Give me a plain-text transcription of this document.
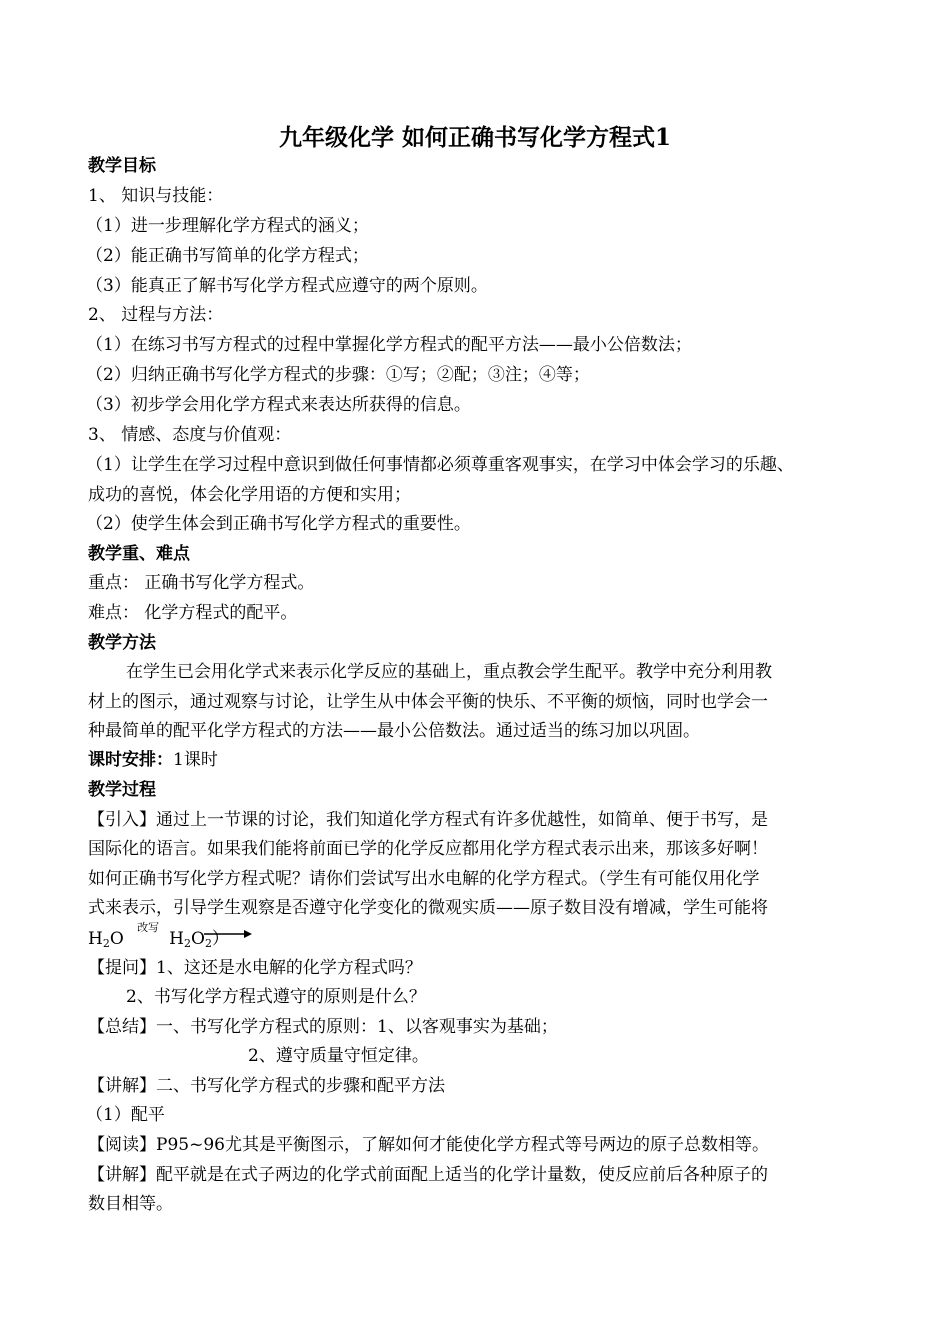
九年级化学 如何正确书写化学方程式1
教学目标
1、 知识与技能：
（1）进一步理解化学方程式的涵义；
（2）能正确书写简单的化学方程式；
（3）能真正了解书写化学方程式应遵守的两个原则。
2、 过程与方法：
（1）在练习书写方程式的过程中掌握化学方程式的配平方法——最小公倍数法；
（2）归纳正确书写化学方程式的步骤：①写；②配；③注；④等；
（3）初步学会用化学方程式来表达所获得的信息。
3、 情感、态度与价值观：
（1）让学生在学习过程中意识到做任何事情都必须尊重客观事实，在学习中体会学习的乐趣、
成功的喜悦，体会化学用语的方便和实用；
（2）使学生体会到正确书写化学方程式的重要性。
教学重、难点
重点： 正确书写化学方程式。
难点： 化学方程式的配平。
教学方法
在学生已会用化学式来表示化学反应的基础上，重点教会学生配平。教学中充分利用教
材上的图示，通过观察与讨论，让学生从中体会平衡的快乐、不平衡的烦恼，同时也学会一
种最简单的配平化学方程式的方法——最小公倍数法。通过适当的练习加以巩固。
课时安排：1课时
教学过程
【引入】通过上一节课的讨论，我们知道化学方程式有许多优越性，如简单、便于书写，是
国际化的语言。如果我们能将前面已学的化学反应都用化学方程式表示出来，那该多好啊！
如何正确书写化学方程式呢？请你们尝试写出水电解的化学方程式。（学生有可能仅用化学
式来表示，引导学生观察是否遵守化学变化的微观实质——原子数目没有增减，学生可能将
$H_2O$
改写
$H_2O_2$）
【提问】1、这还是水电解的化学方程式吗？
2、书写化学方程式遵守的原则是什么？
【总结】一、书写化学方程式的原则：1、以客观事实为基础；
2、遵守质量守恒定律。
【讲解】二、书写化学方程式的步骤和配平方法
（1）配平
【阅读】P95~96尤其是平衡图示，了解如何才能使化学方程式等号两边的原子总数相等。
【讲解】配平就是在式子两边的化学式前面配上适当的化学计量数，使反应前后各种原子的
数目相等。
